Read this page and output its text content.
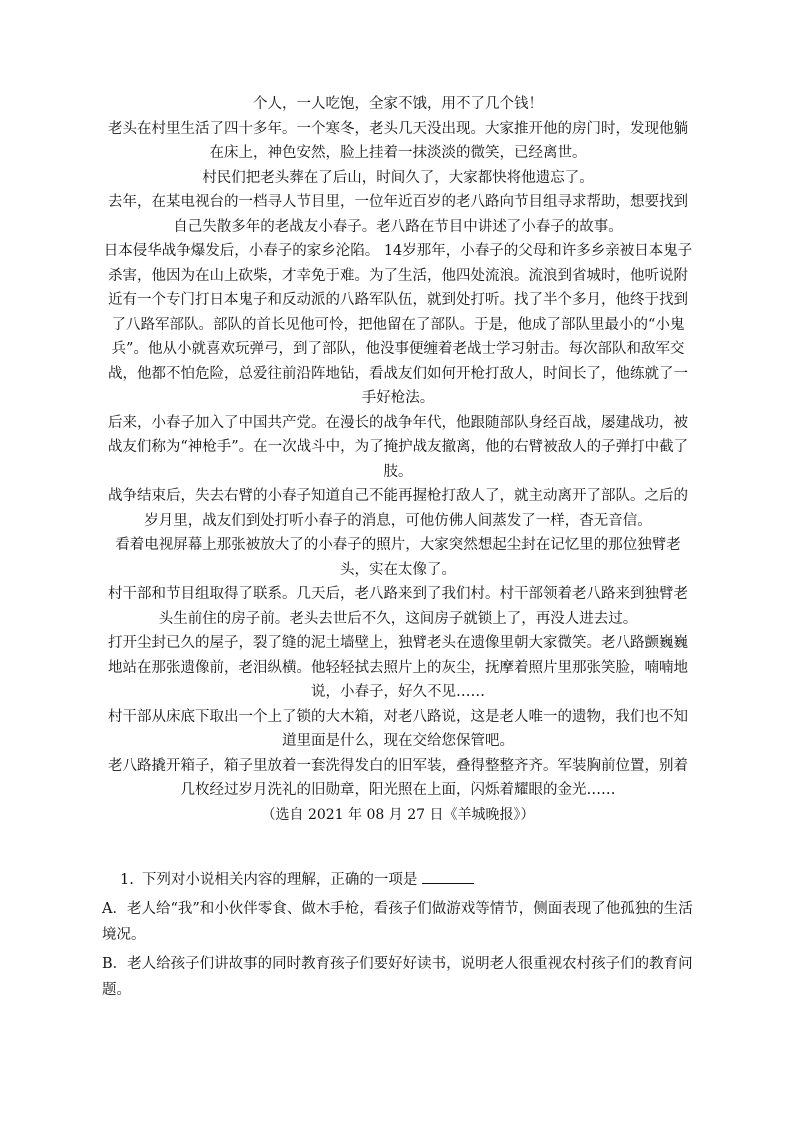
个人，一人吃饱，全家不饿，用不了几个钱！

老头在村里生活了四十多年。一个寒冬，老头几天没出现。大家推开他的房门时，发现他躺在床上，神色安然，脸上挂着一抹淡淡的微笑，已经离世。

村民们把老头葬在了后山，时间久了，大家都快将他遗忘了。

去年，在某电视台的一档寻人节目里，一位年近百岁的老八路向节目组寻求帮助，想要找到自己失散多年的老战友小春子。老八路在节目中讲述了小春子的故事。

日本侵华战争爆发后，小春子的家乡沦陷。 14岁那年，小春子的父母和许多乡亲被日本鬼子杀害，他因为在山上砍柴，才幸免于难。为了生活，他四处流浪。流浪到省城时，他听说附近有一个专门打日本鬼子和反动派的八路军队伍，就到处打听。找了半个多月，他终于找到了八路军部队。部队的首长见他可怜，把他留在了部队。于是，他成了部队里最小的“小鬼兵”。他从小就喜欢玩弹弓，到了部队，他没事便缠着老战士学习射击。每次部队和敌军交战，他都不怕危险，总爱往前沿阵地钻，看战友们如何开枪打敌人，时间长了，他练就了一手好枪法。

后来，小春子加入了中国共产党。在漫长的战争年代，他跟随部队身经百战，屡建战功，被战友们称为“神枪手”。在一次战斗中，为了掩护战友撤离，他的右臂被敌人的子弹打中截了肢。

战争结束后，失去右臂的小春子知道自己不能再握枪打敌人了，就主动离开了部队。之后的岁月里，战友们到处打听小春子的消息，可他仿佛人间蒸发了一样，杳无音信。

看着电视屏幕上那张被放大了的小春子的照片，大家突然想起尘封在记忆里的那位独臂老头，实在太像了。

村干部和节目组取得了联系。几天后，老八路来到了我们村。村干部领着老八路来到独臂老头生前住的房子前。老头去世后不久，这间房子就锁上了，再没人进去过。

打开尘封已久的屋子，裂了缝的泥土墙壁上，独臂老头在遗像里朝大家微笑。老八路颤巍巍地站在那张遗像前，老泪纵横。他轻轻拭去照片上的灰尘，抚摩着照片里那张笑脸，喃喃地说，小春子，好久不见……

村干部从床底下取出一个上了锁的大木箱，对老八路说，这是老人唯一的遗物，我们也不知道里面是什么，现在交给您保管吧。

老八路撬开箱子，箱子里放着一套洗得发白的旧军装，叠得整整齐齐。军装胸前位置，别着几枚经过岁月洗礼的旧勋章，阳光照在上面，闪烁着耀眼的金光……

（选自 2021 年 08 月 27 日《羊城晚报》）

1. 下列对小说相关内容的理解，正确的一项是

A．老人给“我”和小伙伴零食、做木手枪，看孩子们做游戏等情节，侧面表现了他孤独的生活境况。

B．老人给孩子们讲故事的同时教育孩子们要好好读书，说明老人很重视农村孩子们的教育问题。
